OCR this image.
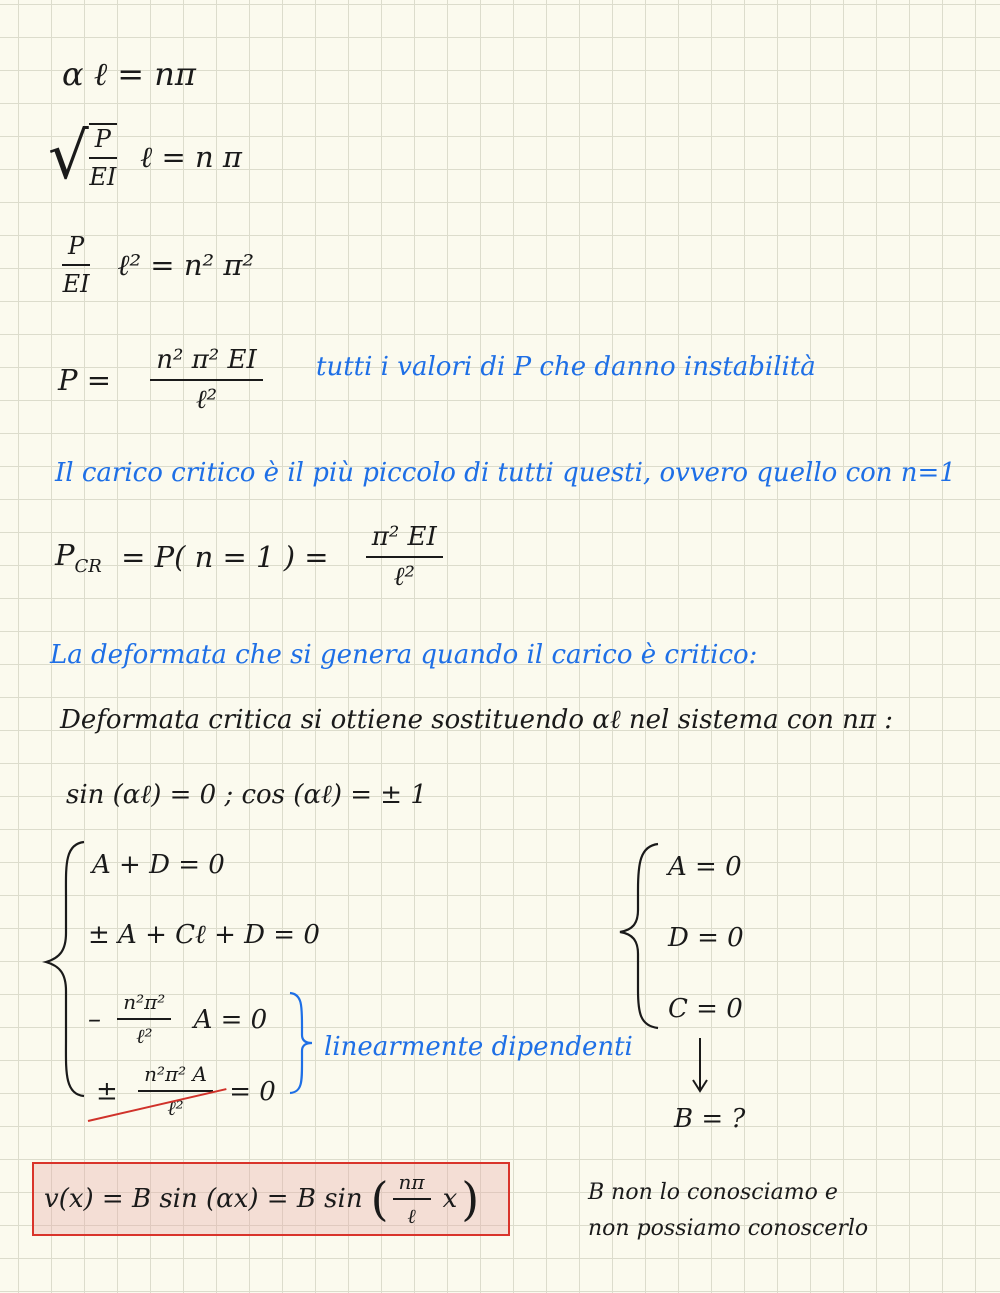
α ℓ = nπ
√ $\frac{P}{EI}$ ℓ = n π
$\frac{P}{EI}$ ℓ² = n² π²
$P = \frac{\text{n² π² EI}}{\text{ℓ²}}$ tutti i valori di P che danno instabilità
Il carico critico è il più piccolo di tutti questi, ovvero quello con n=1
$P_{CR} = P$( n = 1 ) = $\frac{\text{π² EI}}{\text{ℓ²}}$
La deformata che si genera quando il carico è critico:
Deformata critica si ottiene sostituendo αℓ nel sistema con nπ :
sin (αℓ) = 0 ; cos (αℓ) = ± 1
A + D = 0
± A + Cℓ + D = 0
– $\frac{\text{n²π²}}{\text{ℓ²}}$ A = 0
± $\frac{\text{n²π² A}}{\text{ℓ²}} = 0$
linearmente dipendenti
A = 0
D = 0
C = 0
B = ?
v(x) = B sin (αx) = B sin ( $\frac{n\pi}{\text{ℓ}}$ x )	B non lo conosciamo e
non possiamo conoscerlo
